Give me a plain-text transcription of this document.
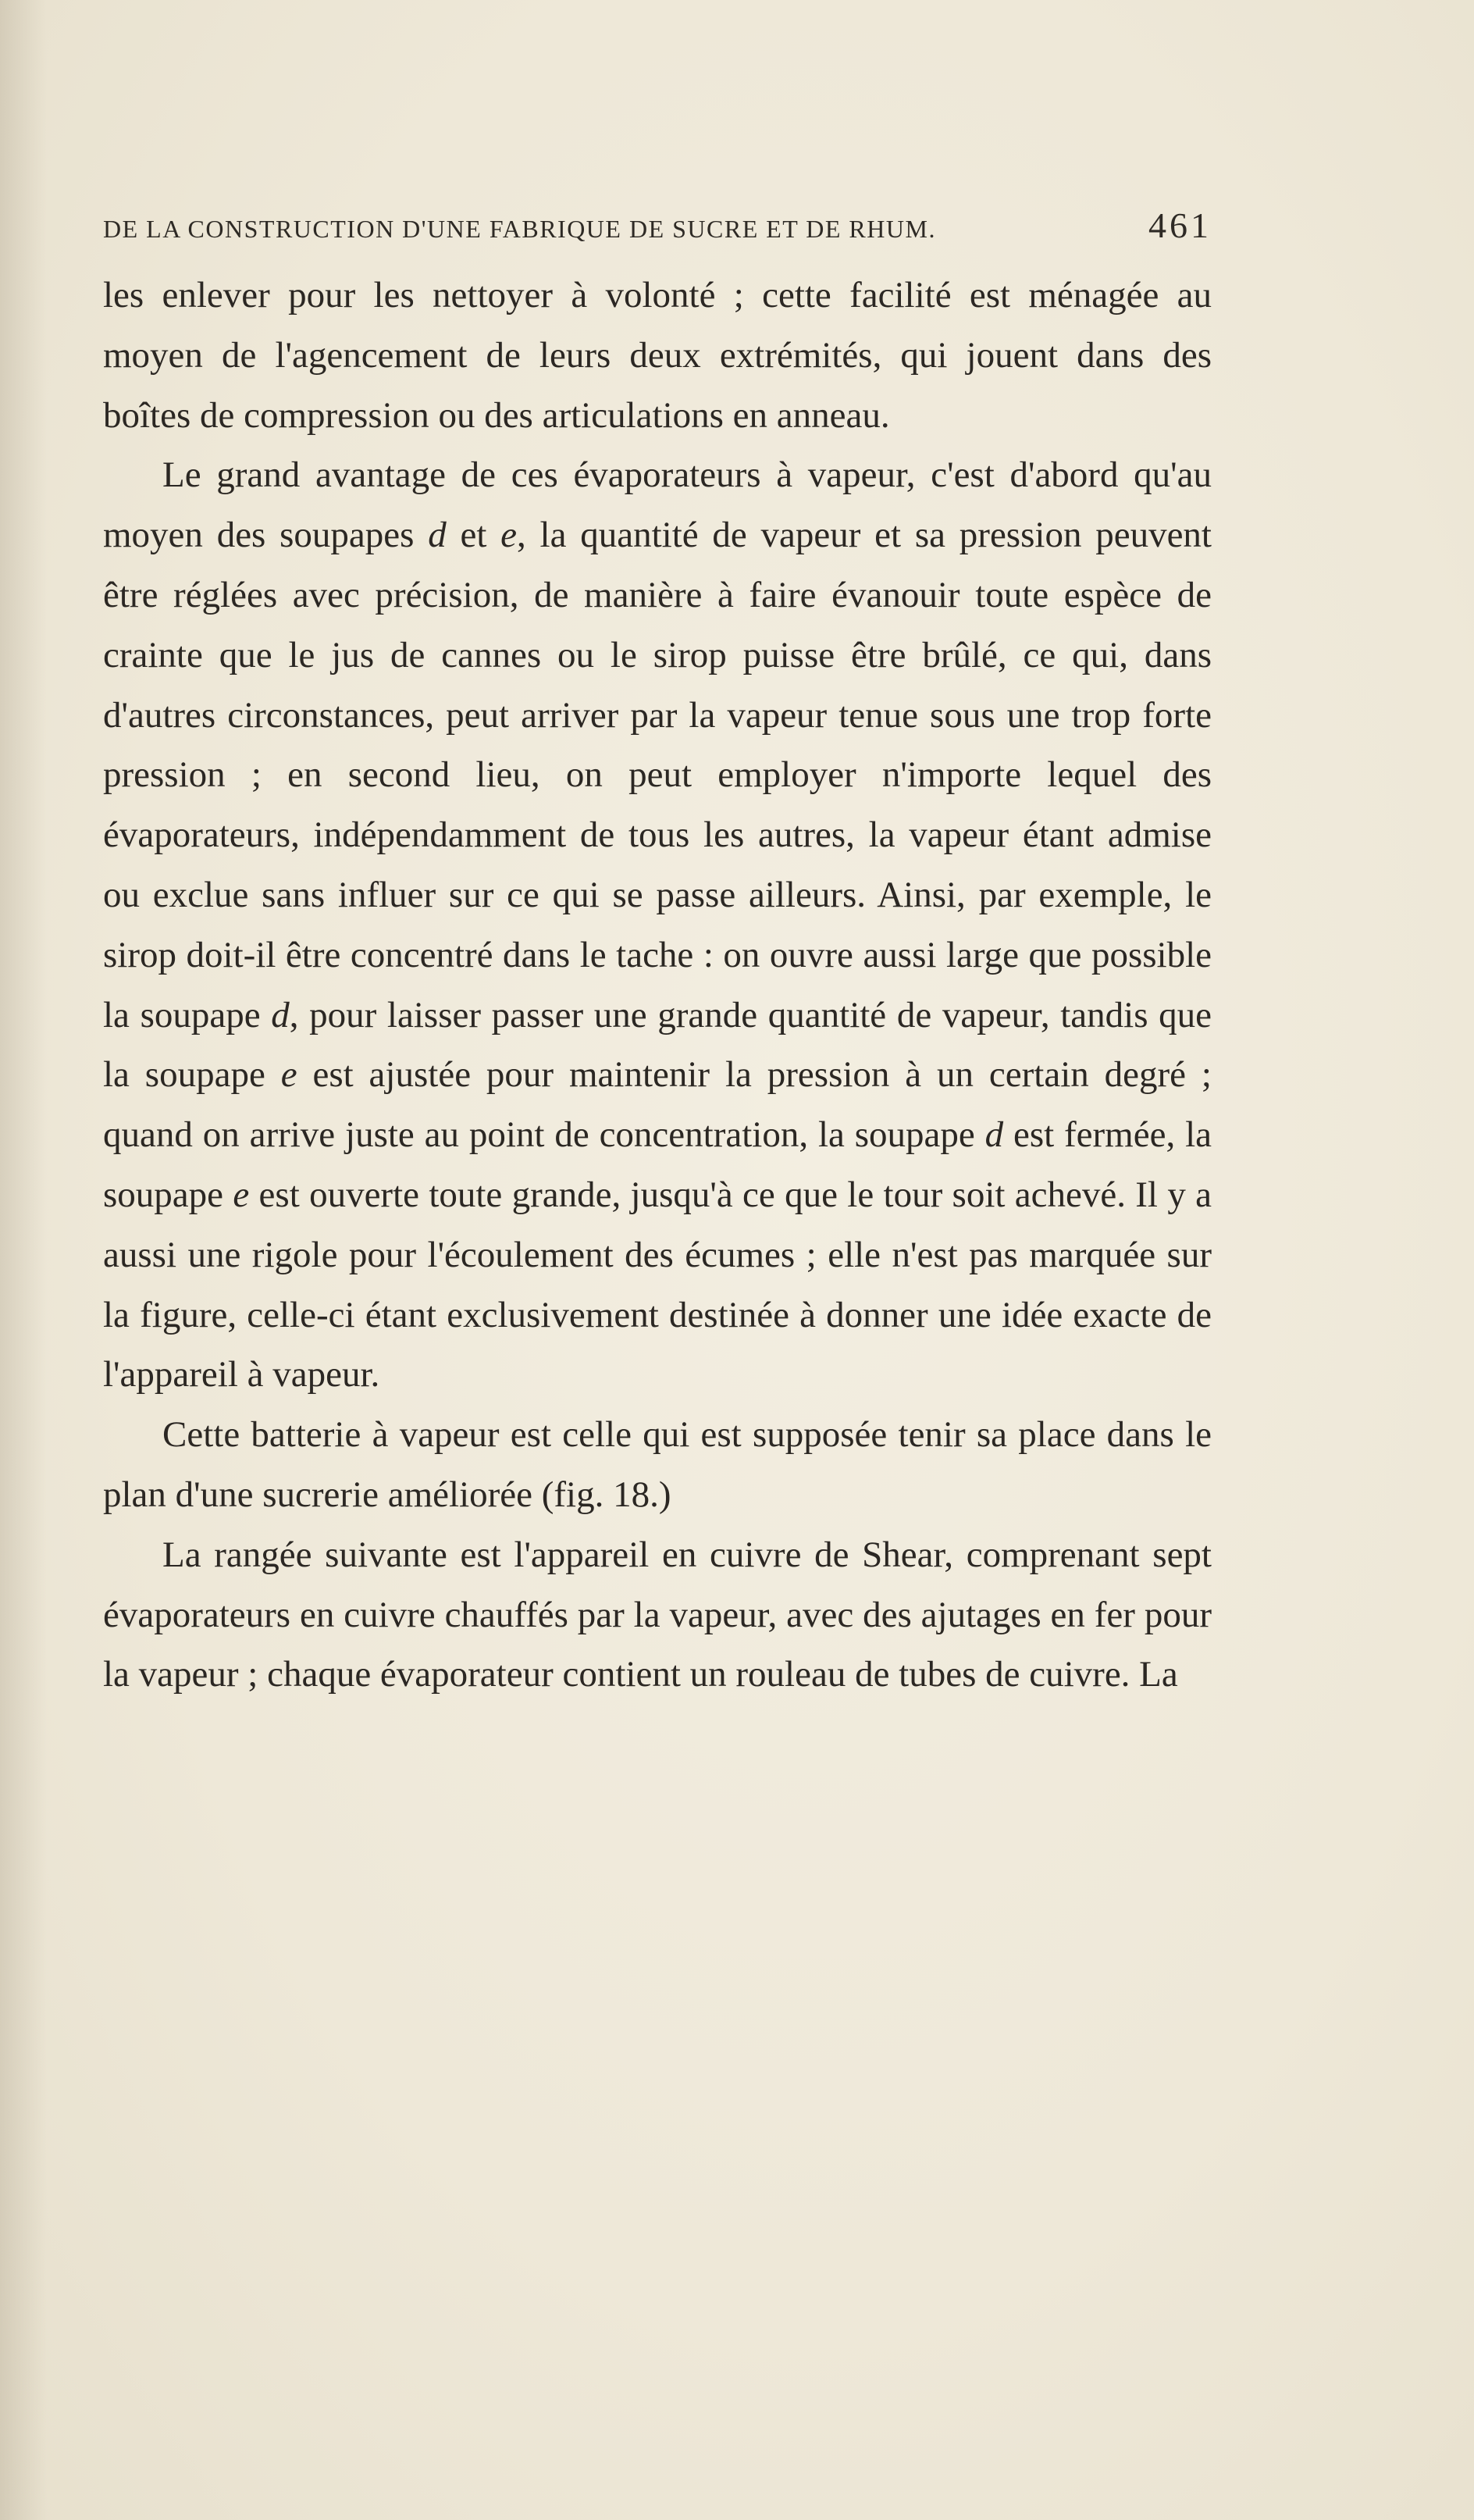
DE LA CONSTRUCTION D'UNE FABRIQUE DE SUCRE ET DE RHUM.	461

les enlever pour les nettoyer à volonté ; cette facilité est ménagée au moyen de l'agencement de leurs deux extrémités, qui jouent dans des boîtes de compression ou des articulations en anneau.

Le grand avantage de ces évaporateurs à vapeur, c'est d'abord qu'au moyen des soupapes d et e, la quantité de vapeur et sa pression peuvent être réglées avec précision, de manière à faire évanouir toute espèce de crainte que le jus de cannes ou le sirop puisse être brûlé, ce qui, dans d'autres circonstances, peut arriver par la vapeur tenue sous une trop forte pression ; en second lieu, on peut employer n'importe lequel des évaporateurs, indépendamment de tous les autres, la vapeur étant admise ou exclue sans influer sur ce qui se passe ailleurs. Ainsi, par exemple, le sirop doit-il être concentré dans le tache : on ouvre aussi large que possible la soupape d, pour laisser passer une grande quantité de vapeur, tandis que la soupape e est ajustée pour maintenir la pression à un certain degré ; quand on arrive juste au point de concentration, la soupape d est fermée, la soupape e est ouverte toute grande, jusqu'à ce que le tour soit achevé. Il y a aussi une rigole pour l'écoulement des écumes ; elle n'est pas marquée sur la figure, celle-ci étant exclusivement destinée à donner une idée exacte de l'appareil à vapeur.

Cette batterie à vapeur est celle qui est supposée tenir sa place dans le plan d'une sucrerie améliorée (fig. 18.)

La rangée suivante est l'appareil en cuivre de Shear, comprenant sept évaporateurs en cuivre chauffés par la vapeur, avec des ajutages en fer pour la vapeur ; chaque évaporateur contient un rouleau de tubes de cuivre. La
